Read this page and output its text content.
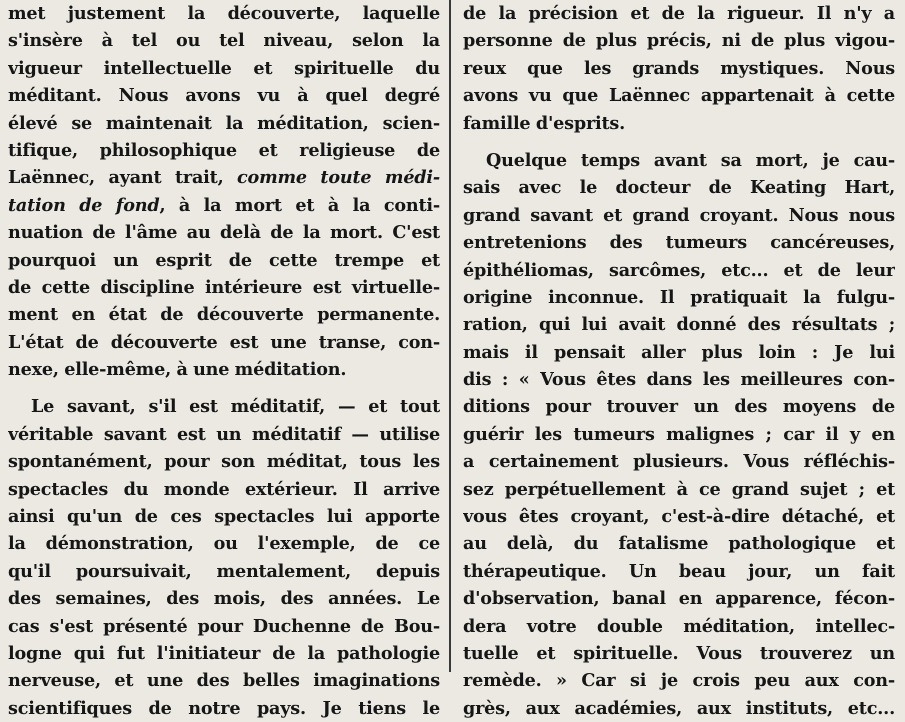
met justement la découverte, laquelle
s'insère à tel ou tel niveau, selon la
vigueur intellectuelle et spirituelle du
méditant. Nous avons vu à quel degré
élevé se maintenait la méditation, scien-
tifique, philosophique et religieuse de
Laënnec, ayant trait, comme toute médi-
tation de fond, à la mort et à la conti-
nuation de l'âme au delà de la mort. C'est
pourquoi un esprit de cette trempe et
de cette discipline intérieure est virtuelle-
ment en état de découverte permanente.
L'état de découverte est une transe, con-
nexe, elle-même, à une méditation.
Le savant, s'il est méditatif, — et tout
véritable savant est un méditatif — utilise
spontanément, pour son méditat, tous les
spectacles du monde extérieur. Il arrive
ainsi qu'un de ces spectacles lui apporte
la démonstration, ou l'exemple, de ce
qu'il poursuivait, mentalement, depuis
des semaines, des mois, des années. Le
cas s'est présenté pour Duchenne de Bou-
logne qui fut l'initiateur de la pathologie
nerveuse, et une des belles imaginations
scientifiques de notre pays. Je tiens le
de la précision et de la rigueur. Il n'y a
personne de plus précis, ni de plus vigou-
reux que les grands mystiques. Nous
avons vu que Laënnec appartenait à cette
famille d'esprits.
Quelque temps avant sa mort, je cau-
sais avec le docteur de Keating Hart,
grand savant et grand croyant. Nous nous
entretenions des tumeurs cancéreuses,
épithéliomas, sarcômes, etc... et de leur
origine inconnue. Il pratiquait la fulgu-
ration, qui lui avait donné des résultats ;
mais il pensait aller plus loin : Je lui
dis : « Vous êtes dans les meilleures con-
ditions pour trouver un des moyens de
guérir les tumeurs malignes ; car il y en
a certainement plusieurs. Vous réfléchis-
sez perpétuellement à ce grand sujet ; et
vous êtes croyant, c'est-à-dire détaché, et
au delà, du fatalisme pathologique et
thérapeutique. Un beau jour, un fait
d'observation, banal en apparence, fécon-
dera votre double méditation, intellec-
tuelle et spirituelle. Vous trouverez un
remède. » Car si je crois peu aux con-
grès, aux académies, aux instituts, etc...
